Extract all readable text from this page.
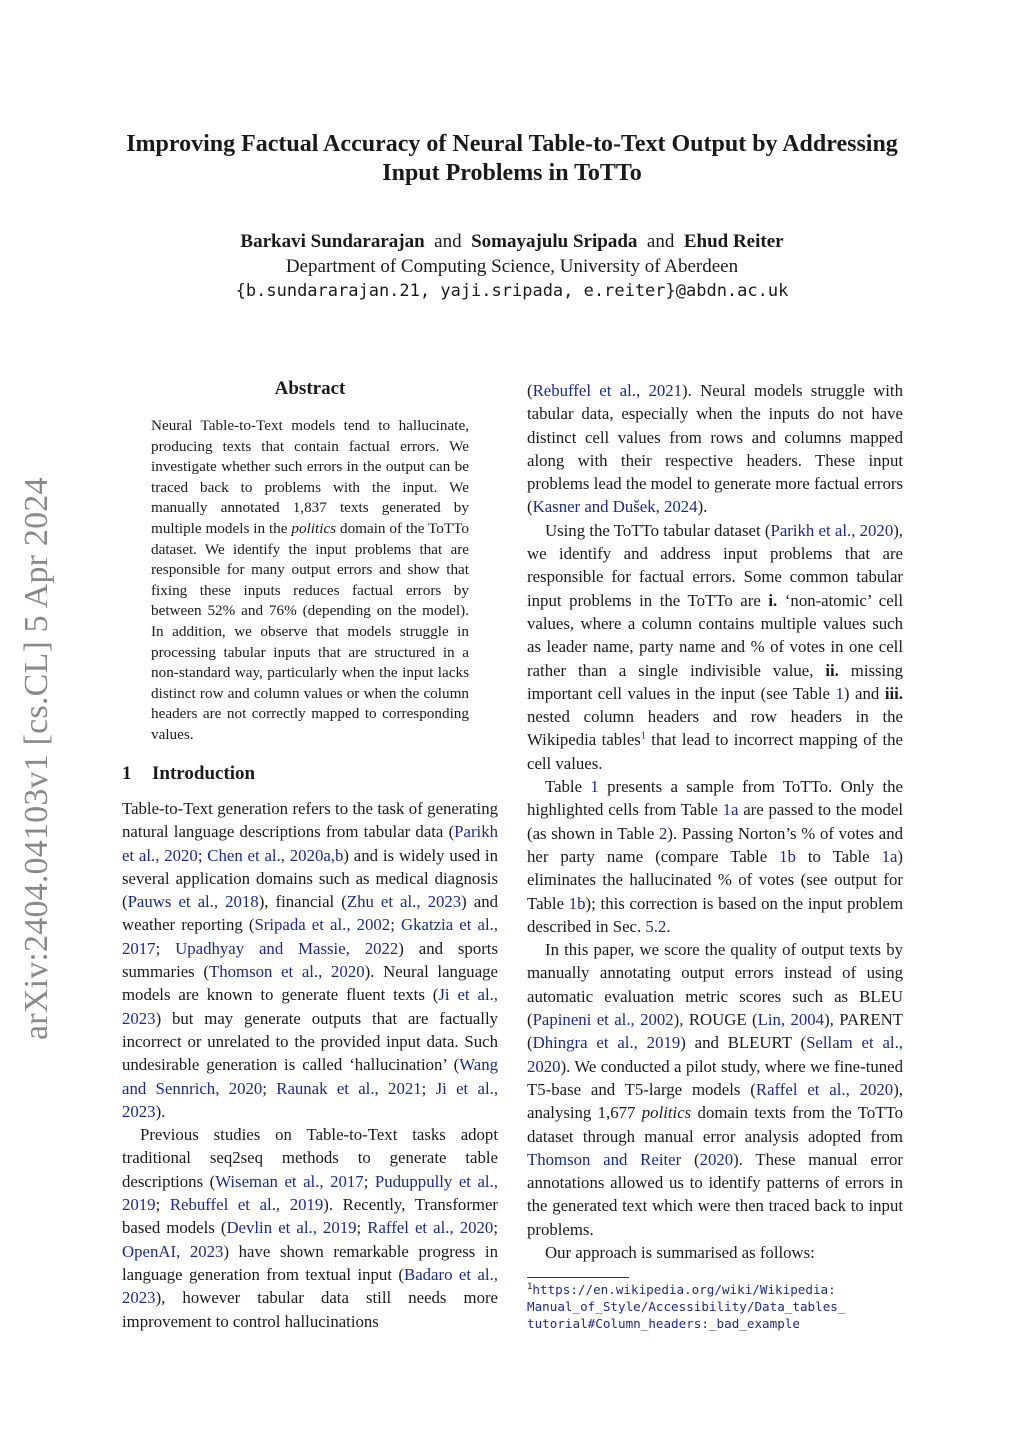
arXiv:2404.04103v1 [cs.CL] 5 Apr 2024
Improving Factual Accuracy of Neural Table-to-Text Output by Addressing
Input Problems in ToTTo
Barkavi Sundararajan and Somayajulu Sripada and Ehud Reiter
Department of Computing Science, University of Aberdeen
{b.sundararajan.21, yaji.sripada, e.reiter}@abdn.ac.uk
Abstract
Neural Table-to-Text models tend to hallucinate, producing texts that contain factual errors. We investigate whether such errors in the output can be traced back to problems with the input. We manually annotated 1,837 texts generated by multiple models in the politics domain of the ToTTo dataset. We identify the input problems that are responsible for many output errors and show that fixing these inputs reduces factual errors by between 52% and 76% (depending on the model). In addition, we observe that models struggle in processing tabular inputs that are structured in a non-standard way, particularly when the input lacks distinct row and column values or when the column headers are not correctly mapped to corresponding values.
1 Introduction

Table-to-Text generation refers to the task of generating natural language descriptions from tabular data (Parikh et al., 2020; Chen et al., 2020a,b) and is widely used in several application domains such as medical diagnosis (Pauws et al., 2018), financial (Zhu et al., 2023) and weather reporting (Sripada et al., 2002; Gkatzia et al., 2017; Upadhyay and Massie, 2022) and sports summaries (Thomson et al., 2020). Neural language models are known to generate fluent texts (Ji et al., 2023) but may generate outputs that are factually incorrect or unrelated to the provided input data. Such undesirable generation is called ‘hallucination’ (Wang and Sennrich, 2020; Raunak et al., 2021; Ji et al., 2023).

Previous studies on Table-to-Text tasks adopt traditional seq2seq methods to generate table descriptions (Wiseman et al., 2017; Puduppully et al., 2019; Rebuffel et al., 2019). Recently, Transformer based models (Devlin et al., 2019; Raffel et al., 2020; OpenAI, 2023) have shown remarkable progress in language generation from textual input (Badaro et al., 2023), however tabular data still needs more improvement to control hallucinations

(Rebuffel et al., 2021). Neural models struggle with tabular data, especially when the inputs do not have distinct cell values from rows and columns mapped along with their respective headers. These input problems lead the model to generate more factual errors (Kasner and Dušek, 2024).

Using the ToTTo tabular dataset (Parikh et al., 2020), we identify and address input problems that are responsible for factual errors. Some common tabular input problems in the ToTTo are i. ‘non-atomic’ cell values, where a column contains multiple values such as leader name, party name and % of votes in one cell rather than a single indivisible value, ii. missing important cell values in the input (see Table 1) and iii. nested column headers and row headers in the Wikipedia tables$^1$ that lead to incorrect mapping of the cell values.

Table 1 presents a sample from ToTTo. Only the highlighted cells from Table 1a are passed to the model (as shown in Table 2). Passing Norton’s % of votes and her party name (compare Table 1b to Table 1a) eliminates the hallucinated % of votes (see output for Table 1b); this correction is based on the input problem described in Sec. 5.2.

In this paper, we score the quality of output texts by manually annotating output errors instead of using automatic evaluation metric scores such as BLEU (Papineni et al., 2002), ROUGE (Lin, 2004), PARENT (Dhingra et al., 2019) and BLEURT (Sellam et al., 2020). We conducted a pilot study, where we fine-tuned T5-base and T5-large models (Raffel et al., 2020), analysing 1,677 politics domain texts from the ToTTo dataset through manual error analysis adopted from Thomson and Reiter (2020). These manual error annotations allowed us to identify patterns of errors in the generated text which were then traced back to input problems.

Our approach is summarised as follows:

$^1$https://en.wikipedia.org/wiki/Wikipedia:
Manual_of_Style/Accessibility/Data_tables_
tutorial#Column_headers:_bad_example
